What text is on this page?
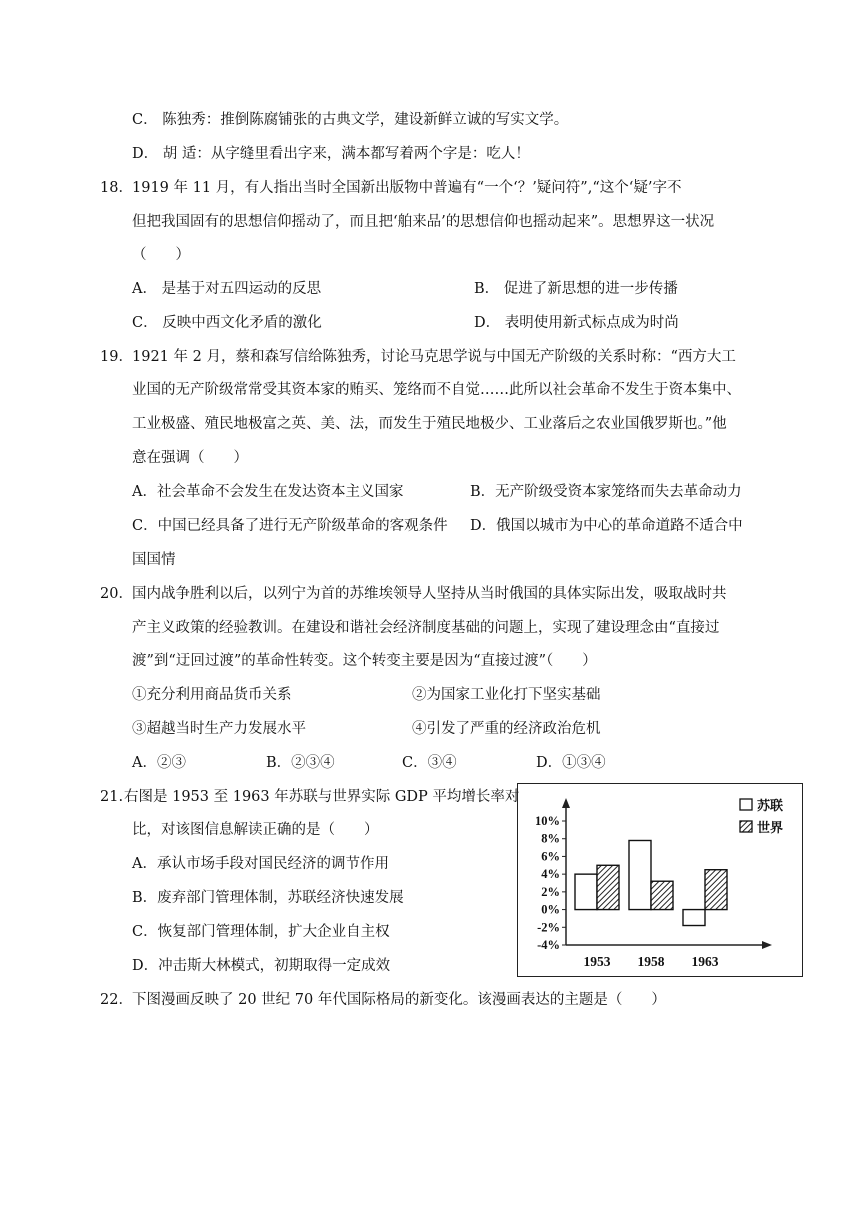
C． 陈独秀：推倒陈腐铺张的古典文学，建设新鲜立诚的写实文学。
D． 胡 适：从字缝里看出字来，满本都写着两个字是：吃人！
18． 1919 年 11 月，有人指出当时全国新出版物中普遍有“一个‘？’疑问符”,“这个‘疑’字不
但把我国固有的思想信仰摇动了，而且把‘舶来品’的思想信仰也摇动起来”。思想界这一状况
（　　）
A． 是基于对五四运动的反思	B． 促进了新思想的进一步传播
C． 反映中西文化矛盾的激化	D． 表明使用新式标点成为时尚
19． 1921 年 2 月，蔡和森写信给陈独秀，讨论马克思学说与中国无产阶级的关系时称：“西方大工
业国的无产阶级常常受其资本家的贿买、笼络而不自觉……此所以社会革命不发生于资本集中、
工业极盛、殖民地极富之英、美、法，而发生于殖民地极少、工业落后之农业国俄罗斯也。”他
意在强调（　　）
A．社会革命不会发生在发达资本主义国家	B．无产阶级受资本家笼络而失去革命动力
C．中国已经具备了进行无产阶级革命的客观条件 D．俄国以城市为中心的革命道路不适合中
国国情
20． 国内战争胜利以后，以列宁为首的苏维埃领导人坚持从当时俄国的具体实际出发，吸取战时共
产主义政策的经验教训。在建设和谐社会经济制度基础的问题上，实现了建设理念由“直接过
渡”到“迂回过渡”的革命性转变。这个转变主要是因为“直接过渡”（　　）
①充分利用商品货币关系	②为国家工业化打下坚实基础
③超越当时生产力发展水平	④引发了严重的经济政治危机
A．②③	B．②③④	C．③④	D．①③④
21. 右图是 1953 至 1963 年苏联与世界实际 GDP 平均增长率对
比，对该图信息解读正确的是（　　）
A．承认市场手段对国民经济的调节作用
B．废弃部门管理体制，苏联经济快速发展
C．恢复部门管理体制，扩大企业自主权
D．冲击斯大林模式，初期取得一定成效
10%
8%
6%
4%
2%
0%
-2%
-4%
1953 1958 1963
苏联
世界
22． 下图漫画反映了 20 世纪 70 年代国际格局的新变化。该漫画表达的主题是（　　）
